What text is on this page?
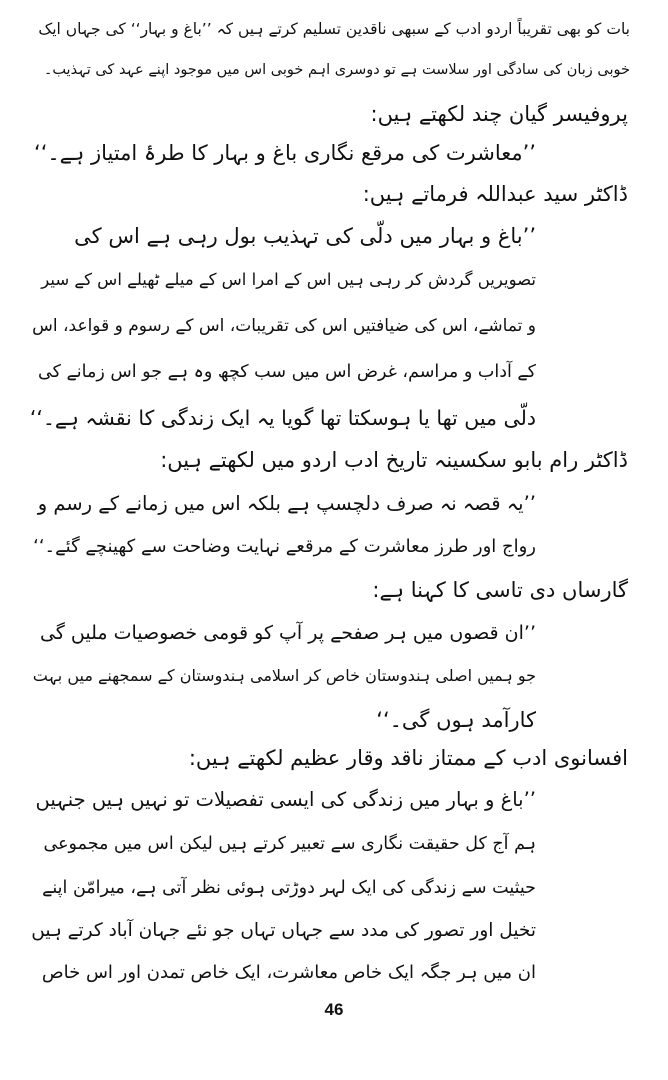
بات کو بھی تقریباً اردو ادب کے سبھی ناقدین تسلیم کرتے ہیں کہ ’’باغ و بہار‘‘ کی جہاں ایک
خوبی زبان کی سادگی اور سلاست ہے تو دوسری اہم خوبی اس میں موجود اپنے عہد کی تہذیب۔
پروفیسر گیان چند لکھتے ہیں:
’’معاشرت کی مرقع نگاری باغ و بہار کا طرۂ امتیاز ہے۔‘‘
ڈاکٹر سید عبداللہ فرماتے ہیں:
’’باغ و بہار میں دلّی کی تہذیب بول رہی ہے اس کی
تصویریں گردش کر رہی ہیں اس کے امرا اس کے میلے ٹھیلے اس کے سیر
و تماشے، اس کی ضیافتیں اس کی تقریبات، اس کے رسوم و قواعد، اس
کے آداب و مراسم، غرض اس میں سب کچھ وہ ہے جو اس زمانے کی
دلّی میں تھا یا ہوسکتا تھا گویا یہ ایک زندگی کا نقشہ ہے۔‘‘
ڈاکٹر رام بابو سکسینہ تاریخ ادب اردو میں لکھتے ہیں:
’’یہ قصہ نہ صرف دلچسپ ہے بلکہ اس میں زمانے کے رسم و
رواج اور طرز معاشرت کے مرقعے نہایت وضاحت سے کھینچے گئے۔‘‘
گارساں دی تاسی کا کہنا ہے:
’’ان قصوں میں ہر صفحے پر آپ کو قومی خصوصیات ملیں گی
جو ہمیں اصلی ہندوستان خاص کر اسلامی ہندوستان کے سمجھنے میں بہت
کارآمد ہوں گی۔‘‘
افسانوی ادب کے ممتاز ناقد وقار عظیم لکھتے ہیں:
’’باغ و بہار میں زندگی کی ایسی تفصیلات تو نہیں ہیں جنہیں
ہم آج کل حقیقت نگاری سے تعبیر کرتے ہیں لیکن اس میں مجموعی
حیثیت سے زندگی کی ایک لہر دوڑتی ہوئی نظر آتی ہے، میرامّن اپنے
تخیل اور تصور کی مدد سے جہاں تہاں جو نئے جہان آباد کرتے ہیں
ان میں ہر جگہ ایک خاص معاشرت، ایک خاص تمدن اور اس خاص
46
